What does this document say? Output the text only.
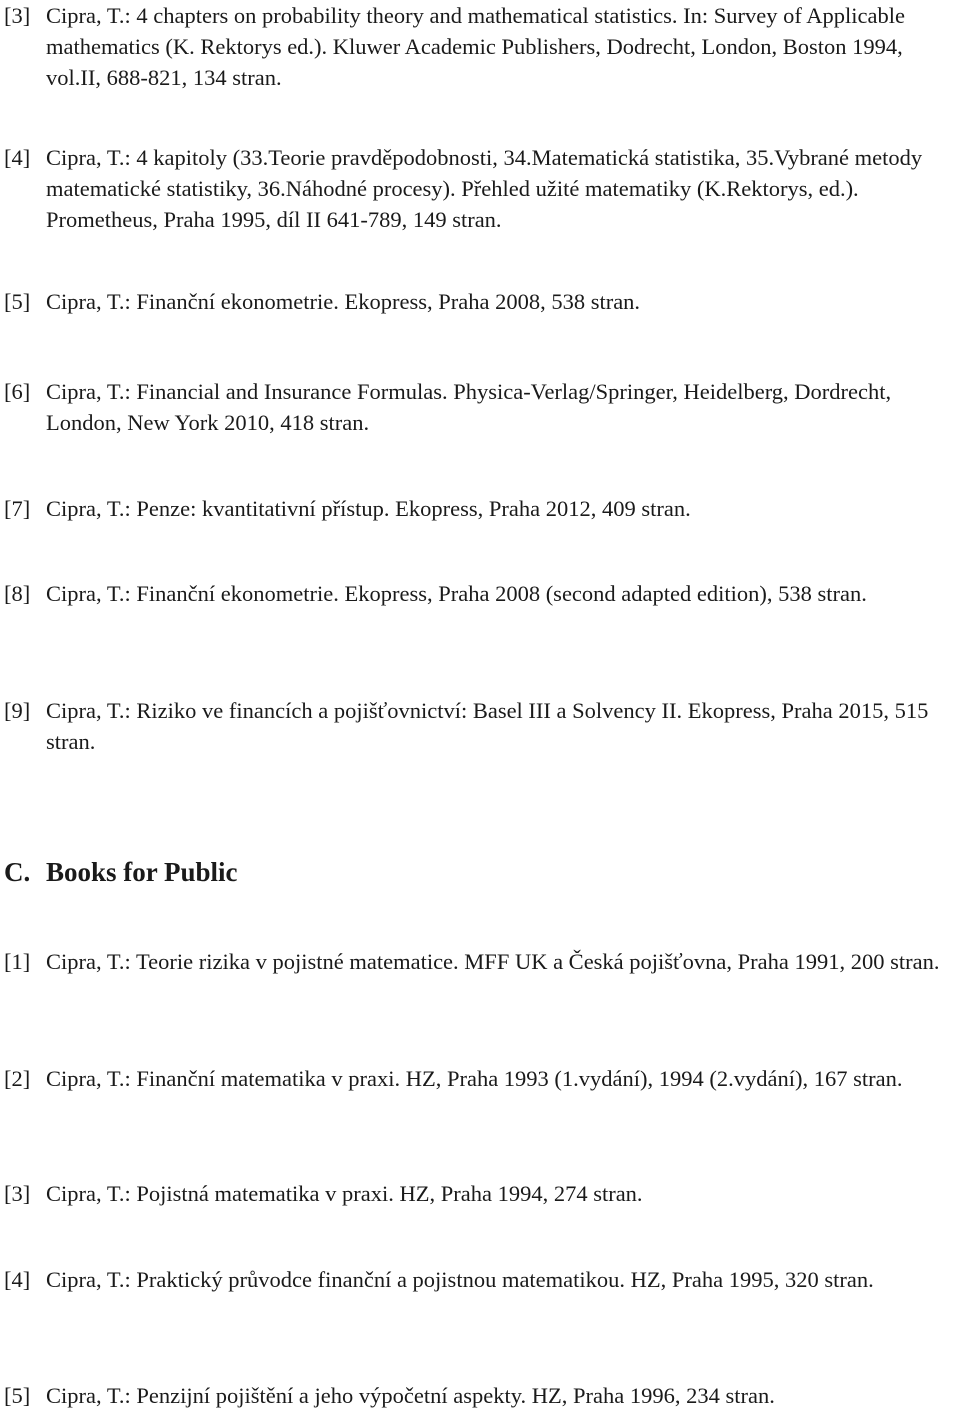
[3] Cipra, T.: 4 chapters on probability theory and mathematical statistics. In: Survey of Applicable mathematics (K. Rektorys ed.). Kluwer Academic Publishers, Dodrecht, London, Boston 1994, vol.II, 688-821, 134 stran.
[4] Cipra, T.: 4 kapitoly (33.Teorie pravděpodobnosti, 34.Matematická statistika, 35.Vybrané metody matematické statistiky, 36.Náhodné procesy). Přehled užité matematiky (K.Rektorys, ed.). Prometheus, Praha 1995, díl II 641-789, 149 stran.
[5] Cipra, T.: Finanční ekonometrie. Ekopress, Praha 2008, 538 stran.
[6] Cipra, T.: Financial and Insurance Formulas. Physica-Verlag/Springer, Heidelberg, Dordrecht, London, New York 2010, 418 stran.
[7] Cipra, T.: Penze: kvantitativní přístup. Ekopress, Praha 2012, 409 stran.
[8] Cipra, T.: Finanční ekonometrie. Ekopress, Praha 2008 (second adapted edition), 538 stran.
[9] Cipra, T.: Riziko ve financích a pojišťovnictví: Basel III a Solvency II. Ekopress, Praha 2015, 515 stran.
C. Books for Public
[1] Cipra, T.: Teorie rizika v pojistné matematice. MFF UK a Česká pojišťovna, Praha 1991, 200 stran.
[2] Cipra, T.: Finanční matematika v praxi. HZ, Praha 1993 (1.vydání), 1994 (2.vydání), 167 stran.
[3] Cipra, T.: Pojistná matematika v praxi. HZ, Praha 1994, 274 stran.
[4] Cipra, T.: Praktický průvodce finanční a pojistnou matematikou. HZ, Praha 1995, 320 stran.
[5] Cipra, T.: Penzijní pojištění a jeho výpočetní aspekty. HZ, Praha 1996, 234 stran.
